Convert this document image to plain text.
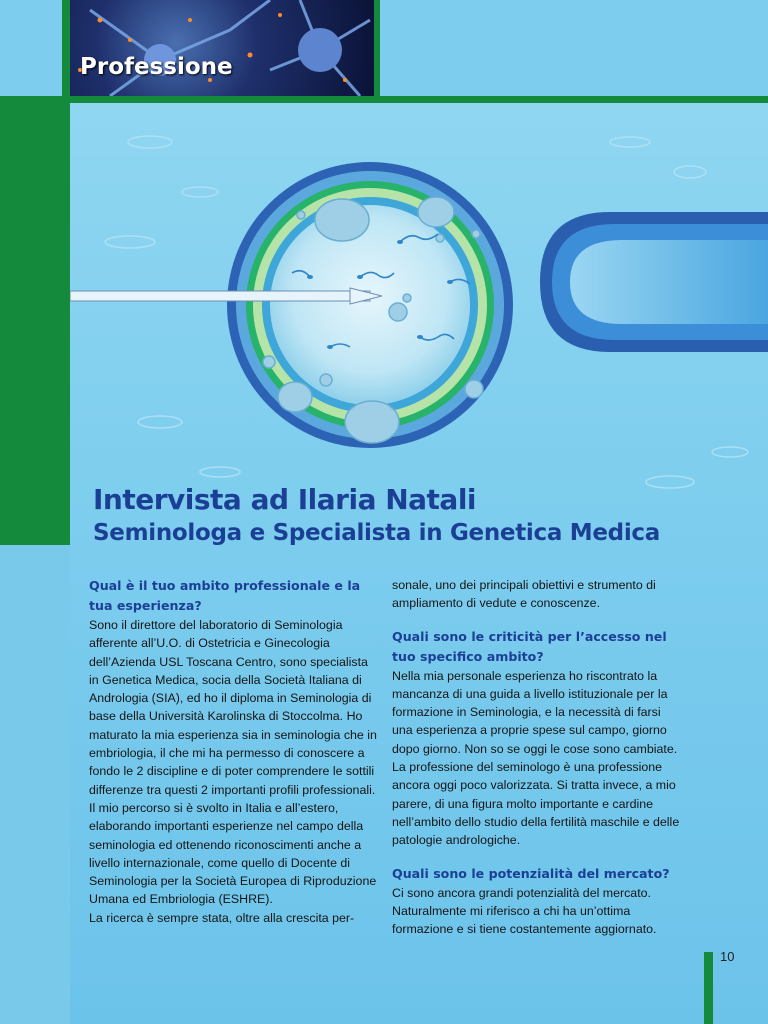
Professione
Intervista ad Ilaria Natali
Seminologa e Specialista in Genetica Medica

Qual è il tuo ambito professionale e la tua esperienza?

Sono il direttore del laboratorio di Seminologia afferente all’U.O. di Ostetricia e Ginecologia dell’Azienda USL Toscana Centro, sono specialista in Genetica Medica, socia della Società Italiana di Andrologia (SIA), ed ho il diploma in Seminologia di base della Università Karolinska di Stoccolma. Ho maturato la mia esperienza sia in seminologia che in embriologia, il che mi ha permesso di conoscere a fondo le 2 discipline e di poter comprendere le sottili differenze tra questi 2 importanti profili professionali.

Il mio percorso si è svolto in Italia e all’estero, elaborando importanti esperienze nel campo della seminologia ed ottenendo riconoscimenti anche a livello internazionale, come quello di Docente di Seminologia per la Società Europea di Riproduzione Umana ed Embriologia (ESHRE).

La ricerca è sempre stata, oltre alla crescita per-

sonale, uno dei principali obiettivi e strumento di ampliamento di vedute e conoscenze.

Quali sono le criticità per l’accesso nel tuo specifico ambito?

Nella mia personale esperienza ho riscontrato la mancanza di una guida a livello istituzionale per la formazione in Seminologia, e la necessità di farsi una esperienza a proprie spese sul campo, giorno dopo giorno. Non so se oggi le cose sono cambiate. La professione del seminologo è una professione ancora oggi poco valorizzata. Si tratta invece, a mio parere, di una figura molto importante e cardine nell’ambito dello studio della fertilità maschile e delle patologie andrologiche.

Quali sono le potenzialità del mercato?

Ci sono ancora grandi potenzialità del mercato. Naturalmente mi riferisco a chi ha un’ottima formazione e si tiene costantemente aggiornato.

10
